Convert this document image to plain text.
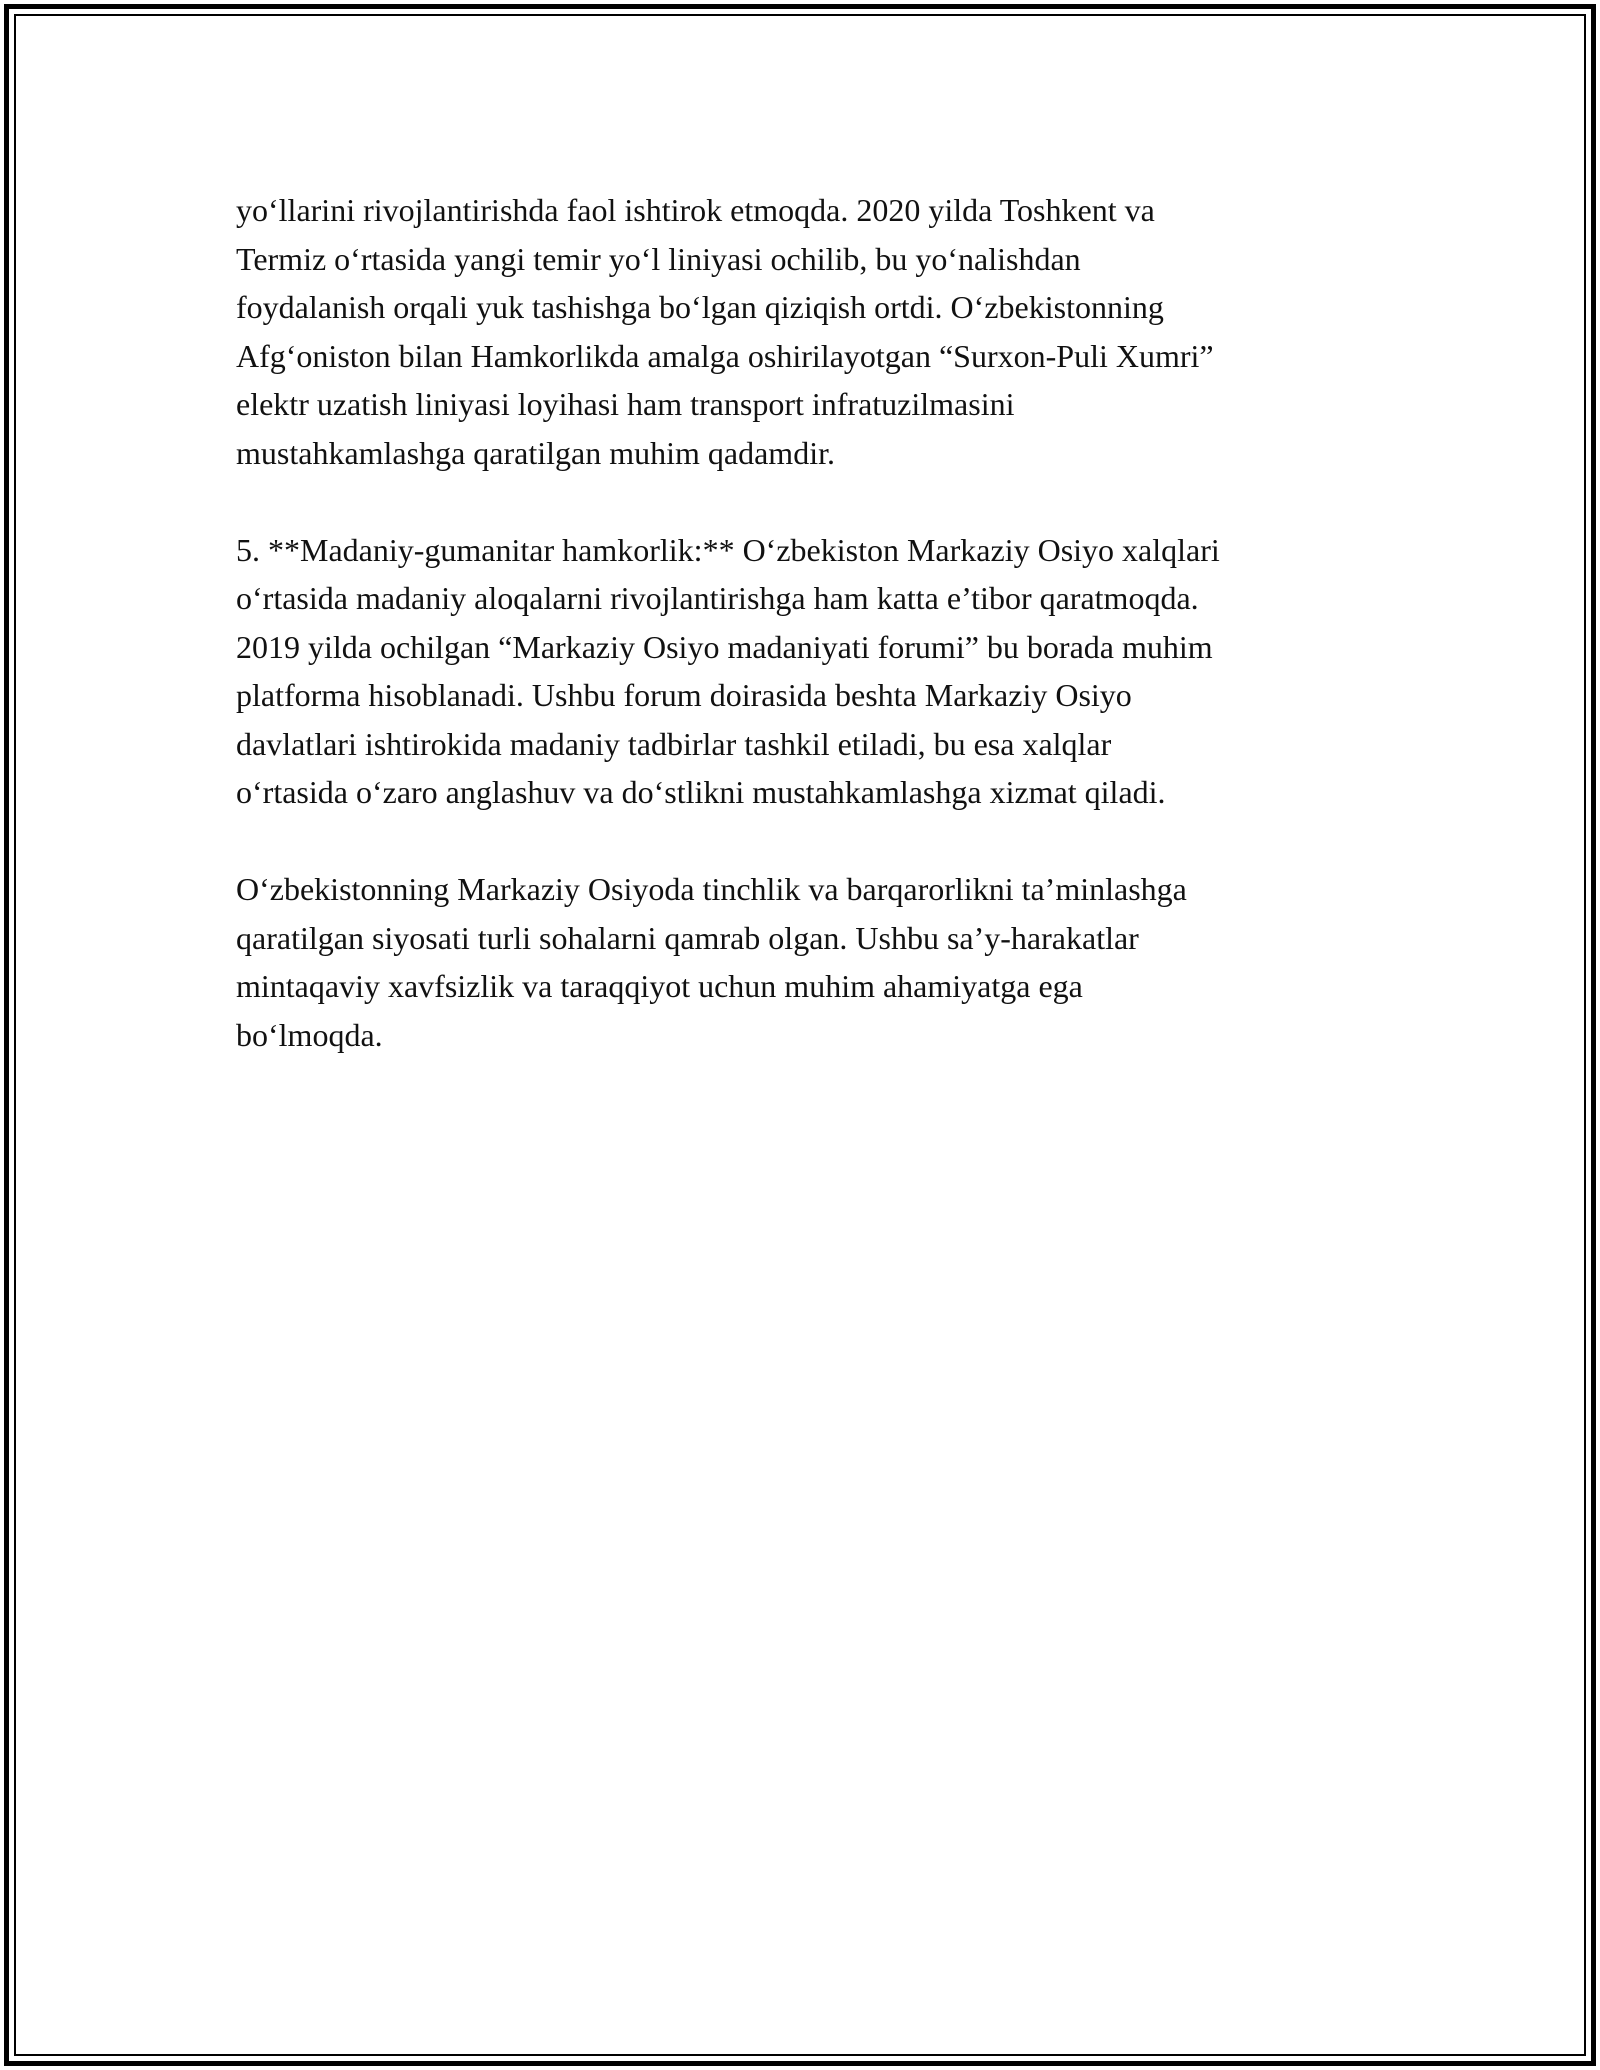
yo‘llarini rivojlantirishda faol ishtirok etmoqda. 2020 yilda Toshkent va
Termiz o‘rtasida yangi temir yo‘l liniyasi ochilib, bu yo‘nalishdan
foydalanish orqali yuk tashishga bo‘lgan qiziqish ortdi. O‘zbekistonning
Afg‘oniston bilan Hamkorlikda amalga oshirilayotgan “Surxon-Puli Xumri”
elektr uzatish liniyasi loyihasi ham transport infratuzilmasini
mustahkamlashga qaratilgan muhim qadamdir.
5. **Madaniy-gumanitar hamkorlik:** O‘zbekiston Markaziy Osiyo xalqlari
o‘rtasida madaniy aloqalarni rivojlantirishga ham katta e’tibor qaratmoqda.
2019 yilda ochilgan “Markaziy Osiyo madaniyati forumi” bu borada muhim
platforma hisoblanadi. Ushbu forum doirasida beshta Markaziy Osiyo
davlatlari ishtirokida madaniy tadbirlar tashkil etiladi, bu esa xalqlar
o‘rtasida o‘zaro anglashuv va do‘stlikni mustahkamlashga xizmat qiladi.
O‘zbekistonning Markaziy Osiyoda tinchlik va barqarorlikni ta’minlashga
qaratilgan siyosati turli sohalarni qamrab olgan. Ushbu sa’y-harakatlar
mintaqaviy xavfsizlik va taraqqiyot uchun muhim ahamiyatga ega
bo‘lmoqda.
